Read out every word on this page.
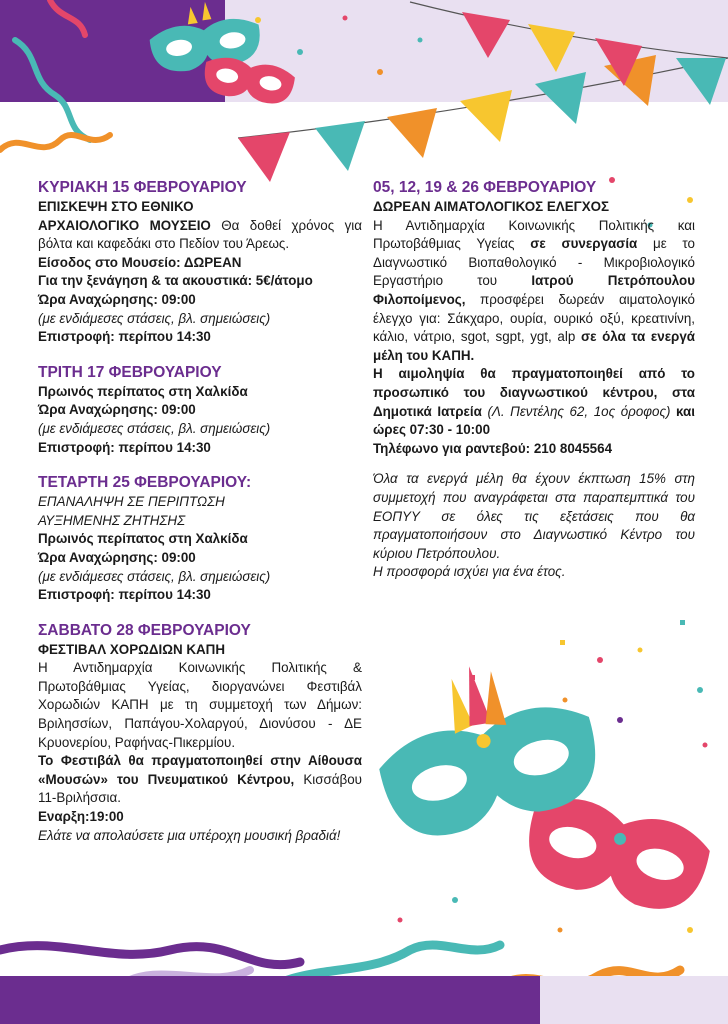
ΚΥΡΙΑΚΗ 15 ΦΕΒΡΟΥΑΡΙΟΥ

ΕΠΙΣΚΕΨΗ ΣΤΟ ΕΘΝΙΚΟ

ΑΡΧΑΙΟΛΟΓΙΚΟ ΜΟΥΣΕΙΟ Θα δοθεί χρόνος για βόλτα και καφεδάκι στο Πεδίον του Άρεως.

Είσοδος στο Μουσείο: ΔΩΡΕΑΝ

Για την ξενάγηση & τα ακουστικά: 5€/άτομο

Ώρα Αναχώρησης: 09:00

(με ενδιάμεσες στάσεις, βλ. σημειώσεις)

Επιστροφή: περίπου 14:30

ΤΡΙΤΗ 17 ΦΕΒΡΟΥΑΡΙΟΥ

Πρωινός περίπατος στη Χαλκίδα

Ώρα Αναχώρησης: 09:00

(με ενδιάμεσες στάσεις, βλ. σημειώσεις)

Επιστροφή: περίπου 14:30

ΤΕΤΑΡΤΗ 25 ΦΕΒΡΟΥΑΡΙΟΥ:

ΕΠΑΝΑΛΗΨΗ ΣΕ ΠΕΡΙΠΤΩΣΗ

ΑΥΞΗΜΕΝΗΣ ΖΗΤΗΣΗΣ

Πρωινός περίπατος στη Χαλκίδα

Ώρα Αναχώρησης: 09:00

(με ενδιάμεσες στάσεις, βλ. σημειώσεις)

Επιστροφή: περίπου 14:30

ΣΑΒΒΑΤΟ 28 ΦΕΒΡΟΥΑΡΙΟΥ

ΦΕΣΤΙΒΑΛ ΧΟΡΩΔΙΩΝ ΚΑΠΗ

Η Αντιδημαρχία Κοινωνικής Πολιτικής & Πρωτοβάθμιας Υγείας, διοργανώνει Φεστιβάλ Χορωδιών ΚΑΠΗ με τη συμμετοχή των Δήμων: Βριλησσίων, Παπάγου-Χολαργού, Διονύσου - ΔΕ Κρυονερίου, Ραφήνας-Πικερμίου.

Το Φεστιβάλ θα πραγματοποιηθεί στην Αίθουσα «Μουσών» του Πνευματικού Κέντρου, Κισσάβου 11-Βριλήσσια.

Εναρξη:19:00

Ελάτε να απολαύσετε μια υπέροχη μουσική βραδιά!

05, 12, 19 & 26 ΦΕΒΡΟΥΑΡΙΟΥ

ΔΩΡΕΑΝ ΑΙΜΑΤΟΛΟΓΙΚΟΣ ΕΛΕΓΧΟΣ

Η Αντιδημαρχία Κοινωνικής Πολιτικής και Πρωτοβάθμιας Υγείας σε συνεργασία με το Διαγνωστικό Βιοπαθολογικό - Μικροβιολογικό Εργαστήριο του Ιατρού Πετρόπουλου Φιλοποίμενος, προσφέρει δωρεάν αιματολογικό έλεγχο για: Σάκχαρο, ουρία, ουρικό οξύ, κρεατινίνη, κάλιο, νάτριο, sgot, sgpt, ygt, alp σε όλα τα ενεργά μέλη του ΚΑΠΗ.

Η αιμοληψία θα πραγματοποιηθεί από το προσωπικό του διαγνωστικού κέντρου, στα Δημοτικά Ιατρεία (Λ. Πεντέλης 62, 1ος όροφος) και ώρες 07:30 - 10:00

Τηλέφωνο για ραντεβού: 210 8045564

Όλα τα ενεργά μέλη θα έχουν έκπτωση 15% στη συμμετοχή που αναγράφεται στα παραπεμπτικά του ΕΟΠΥΥ σε όλες τις εξετάσεις που θα πραγματοποιήσουν στο Διαγνωστικό Κέντρο του κύριου Πετρόπουλου.

Η προσφορά ισχύει για ένα έτος.
